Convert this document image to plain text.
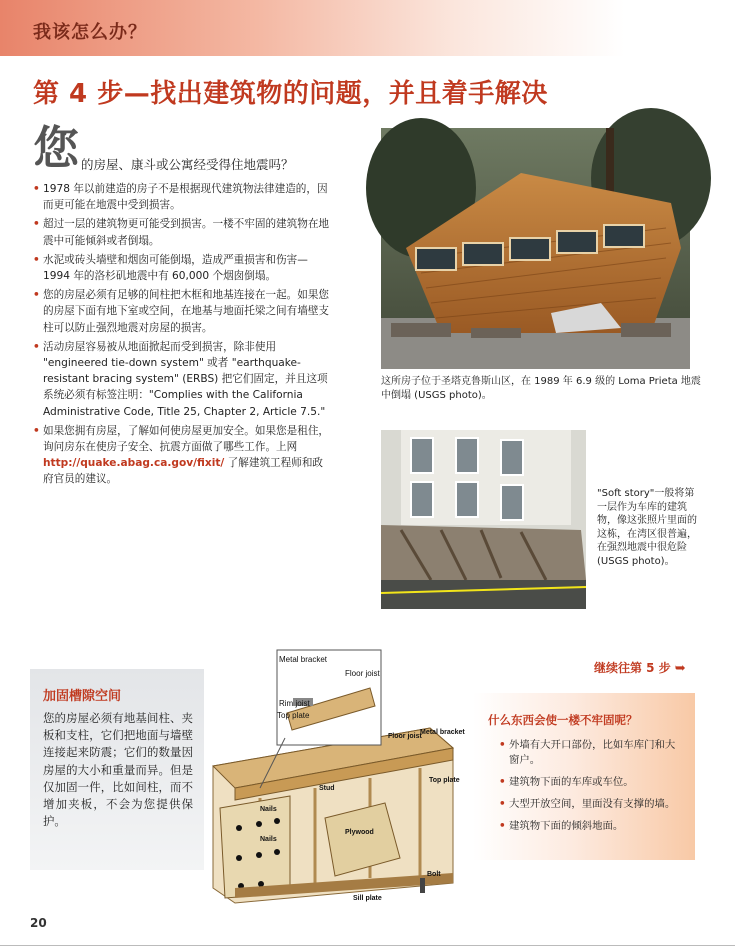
我该怎么办？
第 4 步—找出建筑物的问题，并且着手解决
您 的房屋、康斗或公寓经受得住地震吗？
• 1978 年以前建造的房子不是根据现代建筑物法律建造的，因而更可能在地震中受到损害。
• 超过一层的建筑物更可能受到损害。一楼不牢固的建筑物在地震中可能倾斜或者倒塌。
• 水泥或砖头墙壁和烟囱可能倒塌，造成严重损害和伤害—1994 年的洛杉矶地震中有 60,000 个烟囱倒塌。
• 您的房屋必须有足够的间柱把木框和地基连接在一起。如果您的房屋下面有地下室或空间，在地基与地面托梁之间有墙壁支柱可以防止强烈地震对房屋的损害。
• 活动房屋容易被从地面掀起而受到损害，除非使用 "engineered tie-down system" 或者 "earthquake-resistant bracing system" (ERBS) 把它们固定，并且这项系统必须有标签注明："Complies with the California Administrative Code, Title 25, Chapter 2, Article 7.5."
• 如果您拥有房屋，了解如何使房屋更加安全。如果您是租住，询问房东在使房子安全、抗震方面做了哪些工作。上网 http://quake.abag.ca.gov/fixit/ 了解建筑工程师和政府官员的建议。
这所房子位于圣塔克鲁斯山区，在 1989 年 6.9 级的 Loma Prieta 地震中倒塌 (USGS photo)。
"Soft story"一般将第一层作为车库的建筑物，像这张照片里面的这栋，在湾区很普遍，在强烈地震中很危险 (USGS photo)。
继续往第 5 步 ➥
加固槽隙空间

您的房屋必须有地基间柱、夹板和支柱，它们把地面与墙壁连接起来防震；它们的数量因房屋的大小和重量而异。但是仅加固一件，比如间柱，而不增加夹板，不会为您提供保护。

Metal bracket
Floor joist
Rim joist
Top plate
Floor joist
Metal bracket
Top plate
Stud
Nails
Nails
Plywood
Bolt
Sill plate
什么东西会使一楼不牢固呢？
• 外墙有大开口部份，比如车库门和大窗户。
• 建筑物下面的车库或车位。
• 大型开放空间，里面没有支撑的墙。
• 建筑物下面的倾斜地面。
20
